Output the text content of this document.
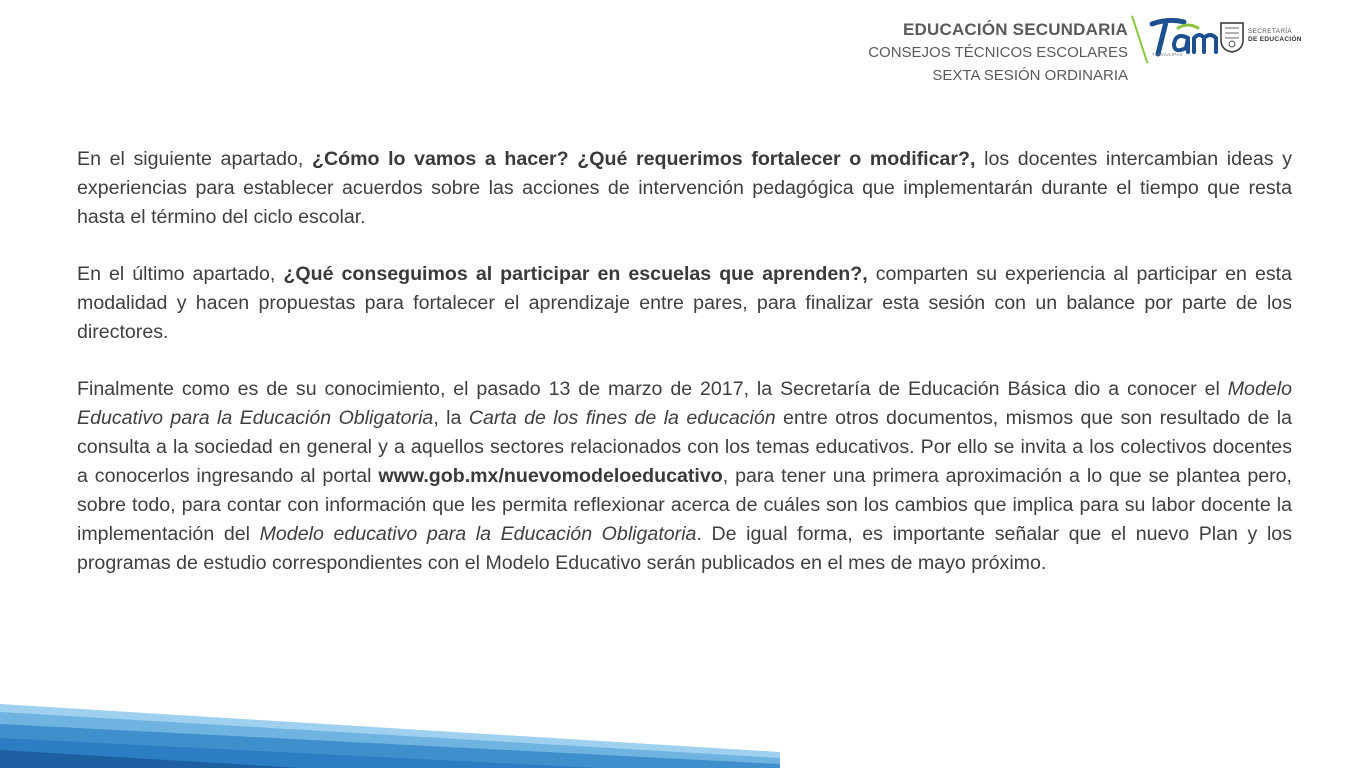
EDUCACIÓN SECUNDARIA
CONSEJOS TÉCNICOS ESCOLARES
SEXTA SESIÓN ORDINARIA
TAMAULIPAS
SECRETARÍA
DE EDUCACIÓN

En el siguiente apartado, ¿Cómo lo vamos a hacer? ¿Qué requerimos fortalecer o modificar?, los docentes intercambian ideas y experiencias para establecer acuerdos sobre las acciones de intervención pedagógica que implementarán durante el tiempo que resta hasta el término del ciclo escolar.

En el último apartado, ¿Qué conseguimos al participar en escuelas que aprenden?, comparten su experiencia al participar en esta modalidad y hacen propuestas para fortalecer el aprendizaje entre pares, para finalizar esta sesión con un balance por parte de los directores.

Finalmente como es de su conocimiento, el pasado 13 de marzo de 2017, la Secretaría de Educación Básica dio a conocer el Modelo Educativo para la Educación Obligatoria, la Carta de los fines de la educación entre otros documentos, mismos que son resultado de la consulta a la sociedad en general y a aquellos sectores relacionados con los temas educativos. Por ello se invita a los colectivos docentes a conocerlos ingresando al portal www.gob.mx/nuevomodeloeducativo, para tener una primera aproximación a lo que se plantea pero, sobre todo, para contar con información que les permita reflexionar acerca de cuáles son los cambios que implica para su labor docente la implementación del Modelo educativo para la Educación Obligatoria. De igual forma, es importante señalar que el nuevo Plan y los programas de estudio correspondientes con el Modelo Educativo serán publicados en el mes de mayo próximo.
